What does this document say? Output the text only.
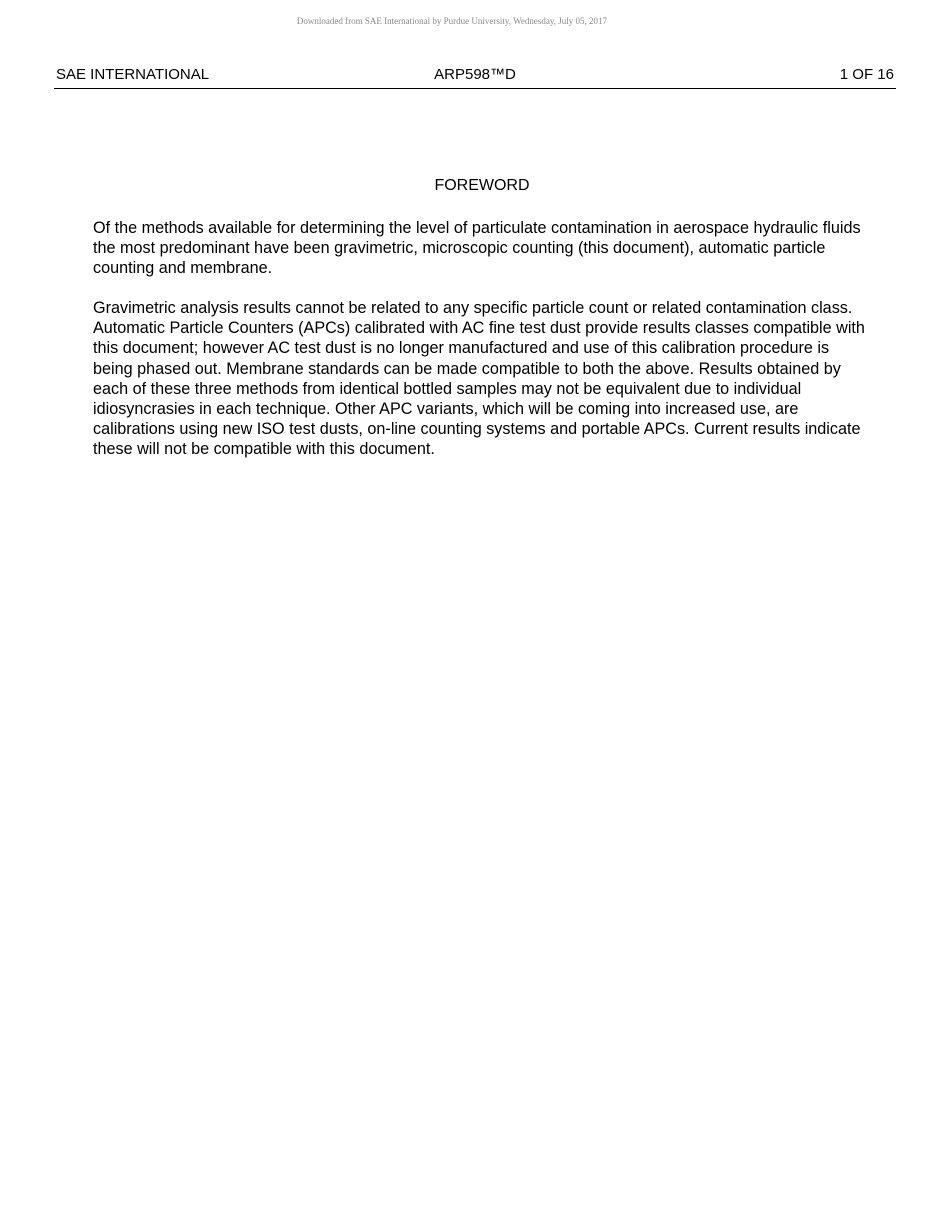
Downloaded from SAE International by Purdue University, Wednesday, July 05, 2017
SAE INTERNATIONAL	ARP598™D	1 OF 16
FOREWORD

Of the methods available for determining the level of particulate contamination in aerospace hydraulic fluids the most predominant have been gravimetric, microscopic counting (this document), automatic particle counting and membrane.

Gravimetric analysis results cannot be related to any specific particle count or related contamination class. Automatic Particle Counters (APCs) calibrated with AC fine test dust provide results classes compatible with this document; however AC test dust is no longer manufactured and use of this calibration procedure is being phased out. Membrane standards can be made compatible to both the above. Results obtained by each of these three methods from identical bottled samples may not be equivalent due to individual idiosyncrasies in each technique. Other APC variants, which will be coming into increased use, are calibrations using new ISO test dusts, on-line counting systems and portable APCs. Current results indicate these will not be compatible with this document.
